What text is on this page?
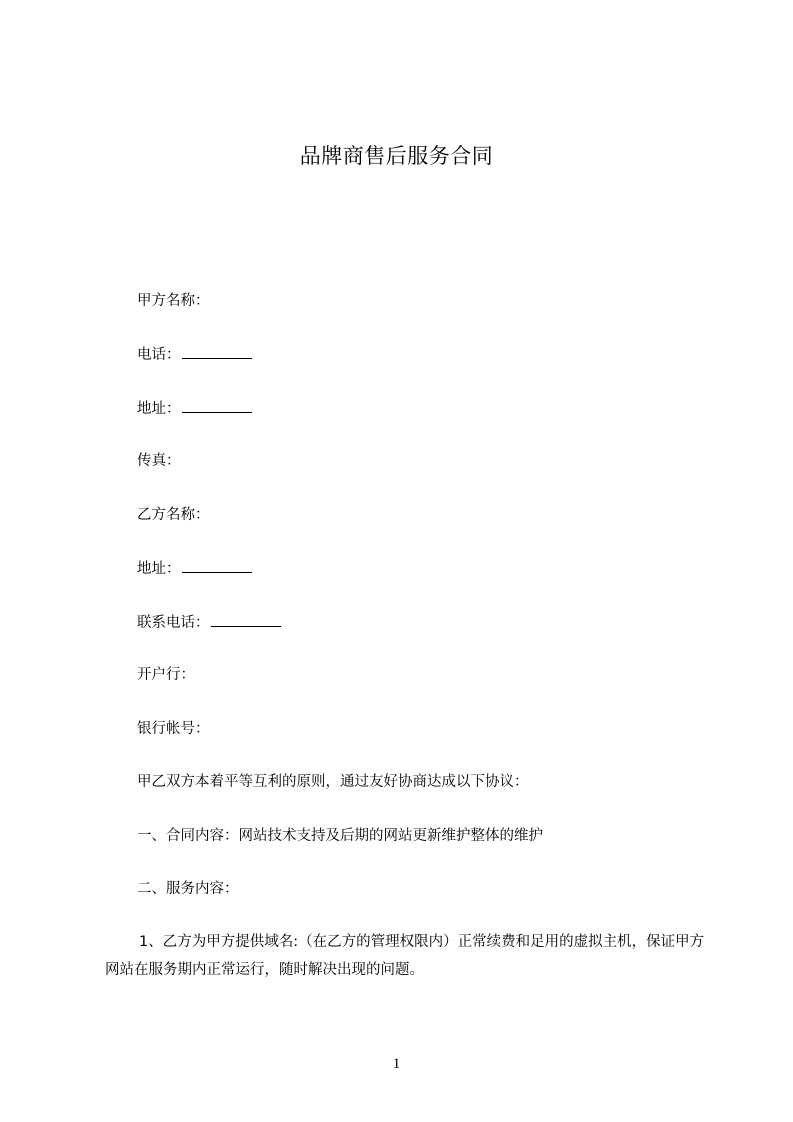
品牌商售后服务合同
甲方名称：
电话：
地址：
传真：
乙方名称：
地址：
联系电话：
开户行：
银行帐号：
甲乙双方本着平等互利的原则，通过友好协商达成以下协议：
一、合同内容：网站技术支持及后期的网站更新维护整体的维护
二、服务内容：
1、乙方为甲方提供域名:（在乙方的管理权限内）正常续费和足用的虚拟主机，保证甲方网站在服务期内正常运行，随时解决出现的问题。
1
